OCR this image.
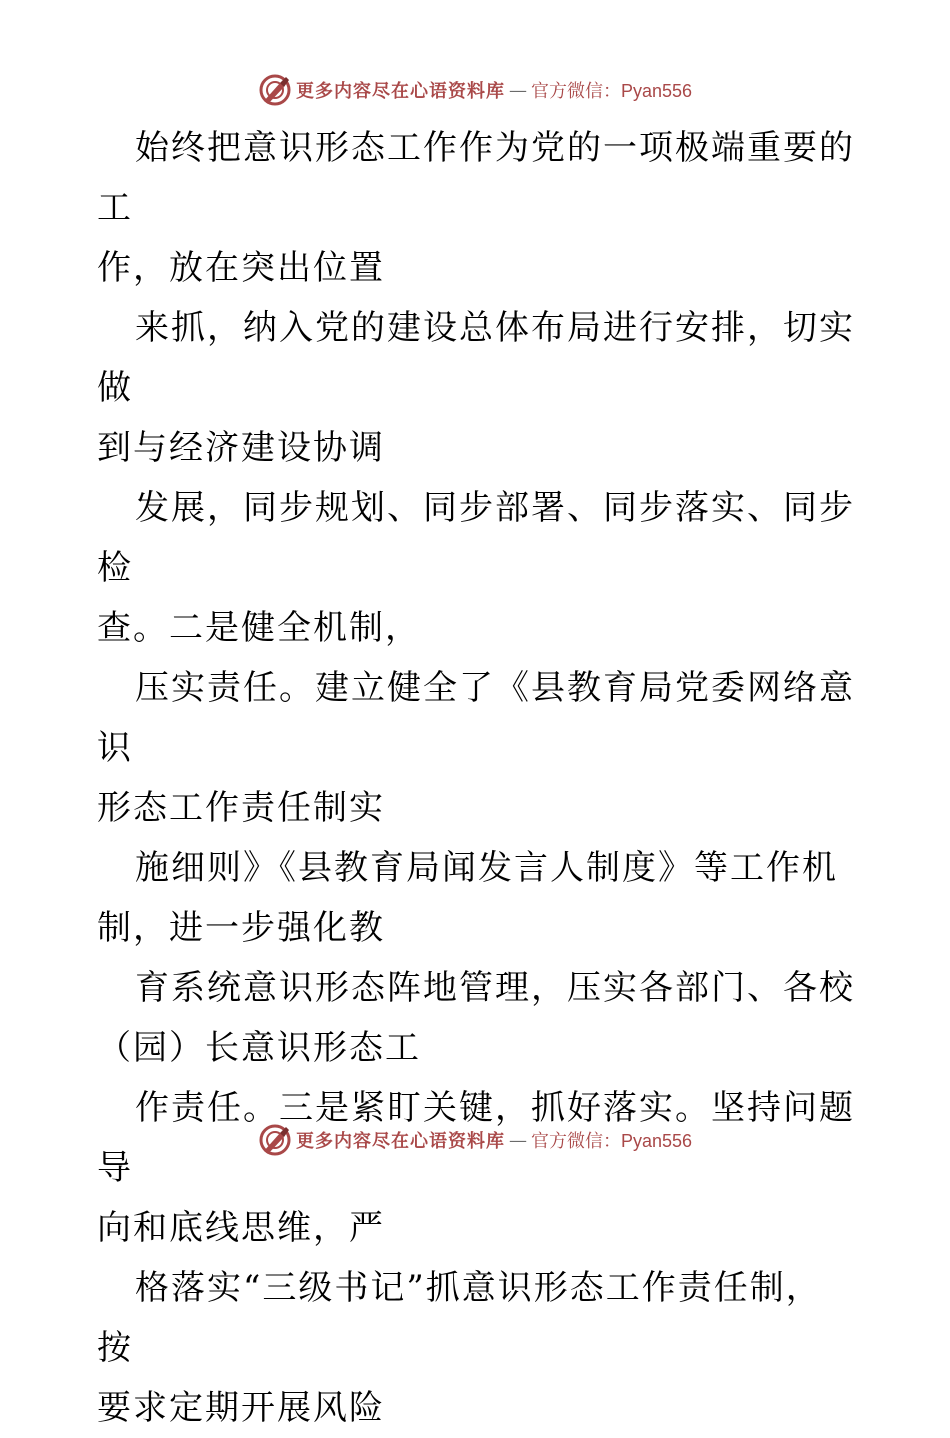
更多内容尽在心语资料库 — 官方微信：Pyan556

始终把意识形态工作作为党的一项极端重要的工
作，放在突出位置

来抓，纳入党的建设总体布局进行安排，切实做
到与经济建设协调

发展，同步规划、同步部署、同步落实、同步检
查。二是健全机制，

压实责任。建立健全了《县教育局党委网络意识
形态工作责任制实

施细则》《县教育局闻发言人制度》等工作机
制，进一步强化教

育系统意识形态阵地管理，压实各部门、各校
（园）长意识形态工

作责任。三是紧盯关键，抓好落实。坚持问题导
向和底线思维，严

格落实“三级书记”抓意识形态工作责任制，按
要求定期开展风险

更多内容尽在心语资料库 — 官方微信：Pyan556
